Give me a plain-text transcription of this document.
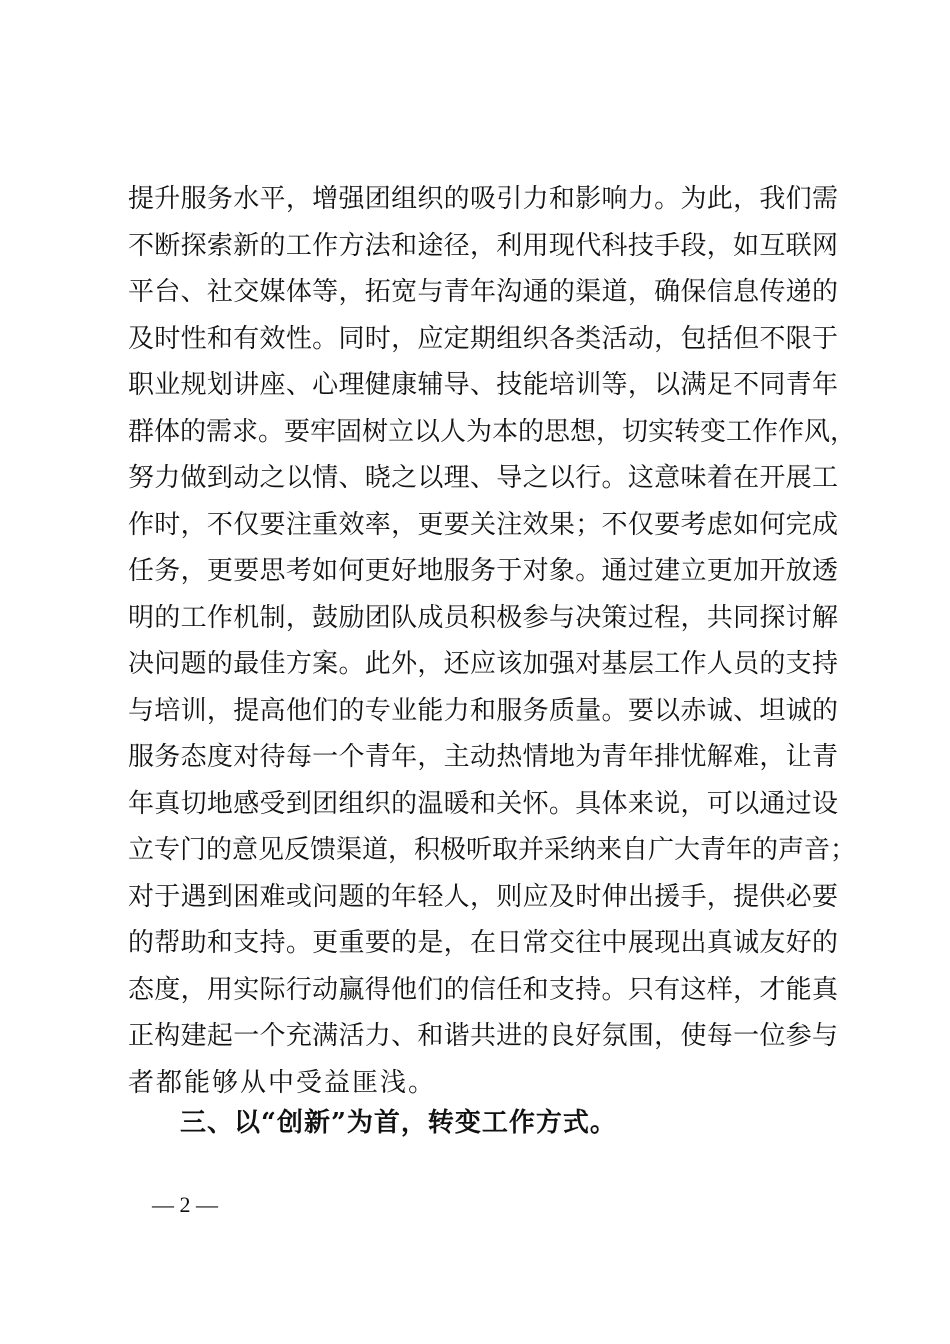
提升服务水平，增强团组织的吸引力和影响力。为此，我们需
不断探索新的工作方法和途径，利用现代科技手段，如互联网
平台、社交媒体等，拓宽与青年沟通的渠道，确保信息传递的
及时性和有效性。同时，应定期组织各类活动，包括但不限于
职业规划讲座、心理健康辅导、技能培训等，以满足不同青年
群体的需求。要牢固树立以人为本的思想，切实转变工作作风，
努力做到动之以情、晓之以理、导之以行。这意味着在开展工
作时，不仅要注重效率，更要关注效果；不仅要考虑如何完成
任务，更要思考如何更好地服务于对象。通过建立更加开放透
明的工作机制，鼓励团队成员积极参与决策过程，共同探讨解
决问题的最佳方案。此外，还应该加强对基层工作人员的支持
与培训，提高他们的专业能力和服务质量。要以赤诚、坦诚的
服务态度对待每一个青年，主动热情地为青年排忧解难，让青
年真切地感受到团组织的温暖和关怀。具体来说，可以通过设
立专门的意见反馈渠道，积极听取并采纳来自广大青年的声音；
对于遇到困难或问题的年轻人，则应及时伸出援手，提供必要
的帮助和支持。更重要的是，在日常交往中展现出真诚友好的
态度，用实际行动赢得他们的信任和支持。只有这样，才能真
正构建起一个充满活力、和谐共进的良好氛围，使每一位参与
者都能够从中受益匪浅。
三、以“创新”为首，转变工作方式。
— 2 —
